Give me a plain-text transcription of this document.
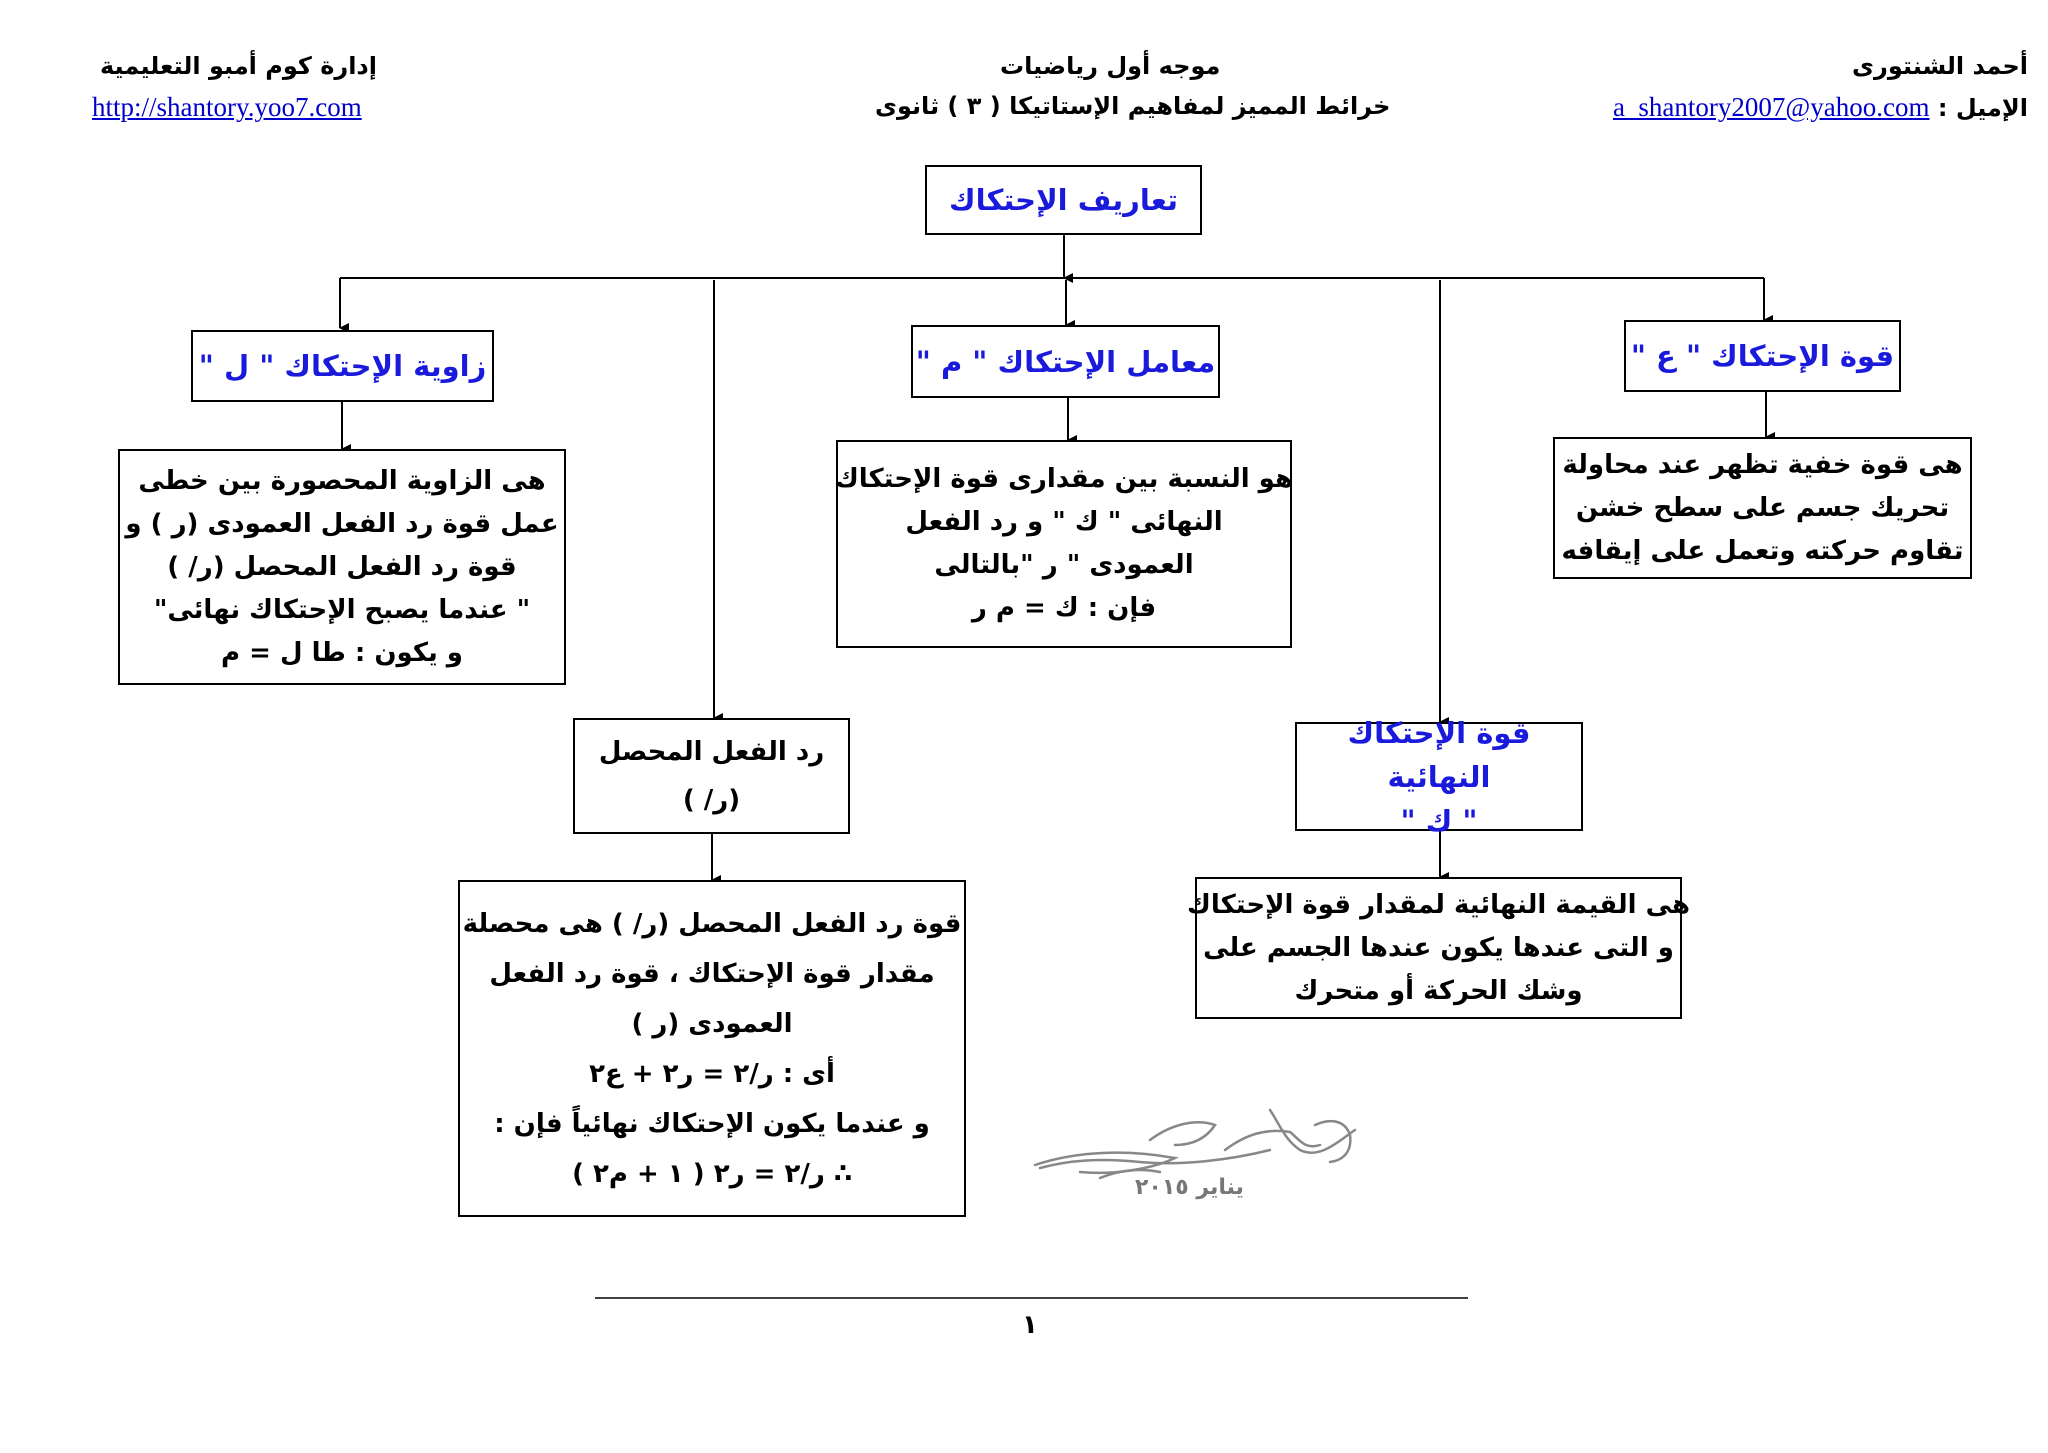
أحمد الشنتورى
الإميل : a_shantory2007@yahoo.com
موجه أول رياضيات
خرائط المميز لمفاهيم الإستاتيكا ( ٣ ) ثانوى
إدارة كوم أمبو التعليمية
http://shantory.yoo7.com
تعاريف الإحتكاك
قوة الإحتكاك " ع "
هى قوة خفية تظهر عند محاولة
تحريك جسم على سطح خشن
تقاوم حركته وتعمل على إيقافه
معامل الإحتكاك " م "
هو النسبة بين مقدارى قوة الإحتكاك
النهائى " ك " و رد الفعل
العمودى " ر "بالتالى
فإن : ك = م ر
زاوية الإحتكاك " ل "
هى الزاوية المحصورة بين خطى
عمل قوة رد الفعل العمودى (ر ) و
قوة رد الفعل المحصل (ر/ )
" عندما يصبح الإحتكاك نهائى"
و يكون : طا ل = م
قوة الإحتكاك النهائية
" ك "
هى القيمة النهائية لمقدار قوة الإحتكاك
و التى عندها يكون عندها الجسم على
وشك الحركة أو متحرك
رد الفعل المحصل
(ر/ )
قوة رد الفعل المحصل (ر/ ) هى محصلة
مقدار قوة الإحتكاك ، قوة رد الفعل
العمودى (ر )
أى : ر/٢ = ر٢ + ع٢
و عندما يكون الإحتكاك نهائياً فإن :
∴ ر/٢ = ر٢ ( ١ + م٢ )	يناير ٢٠١٥
١
